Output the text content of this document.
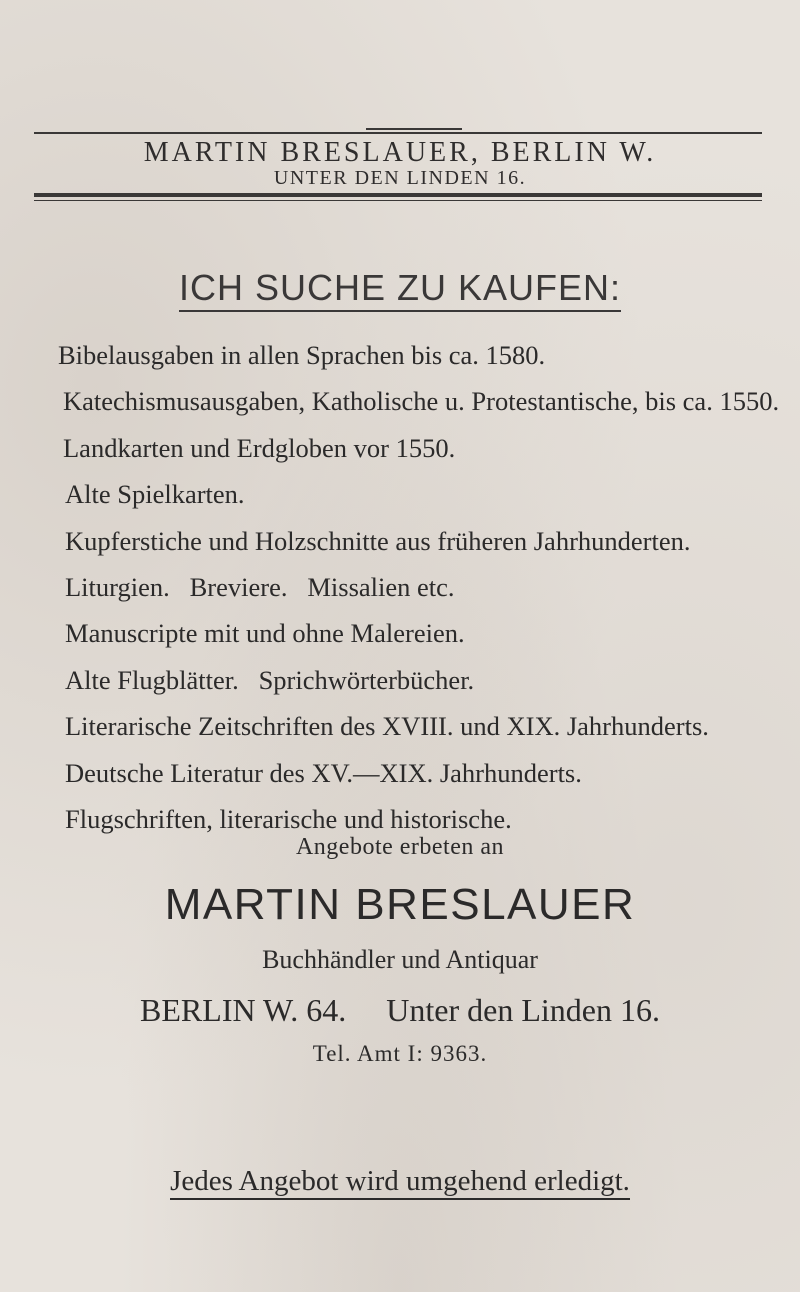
MARTIN BRESLAUER, BERLIN W.
UNTER DEN LINDEN 16.
ICH SUCHE ZU KAUFEN:
Bibelausgaben in allen Sprachen bis ca. 1580.
Katechismusausgaben, Katholische u. Protestantische, bis ca. 1550.
Landkarten und Erdgloben vor 1550.
Alte Spielkarten.
Kupferstiche und Holzschnitte aus früheren Jahrhunderten.
Liturgien.   Breviere.   Missalien etc.
Manuscripte mit und ohne Malereien.
Alte Flugblätter.   Sprichwörterbücher.
Literarische Zeitschriften des XVIII. und XIX. Jahrhunderts.
Deutsche Literatur des XV.—XIX. Jahrhunderts.
Flugschriften, literarische und historische.
Angebote erbeten an
MARTIN BRESLAUER
Buchhändler und Antiquar
BERLIN W. 64. Unter den Linden 16.
Tel. Amt I: 9363.
Jedes Angebot wird umgehend erledigt.
